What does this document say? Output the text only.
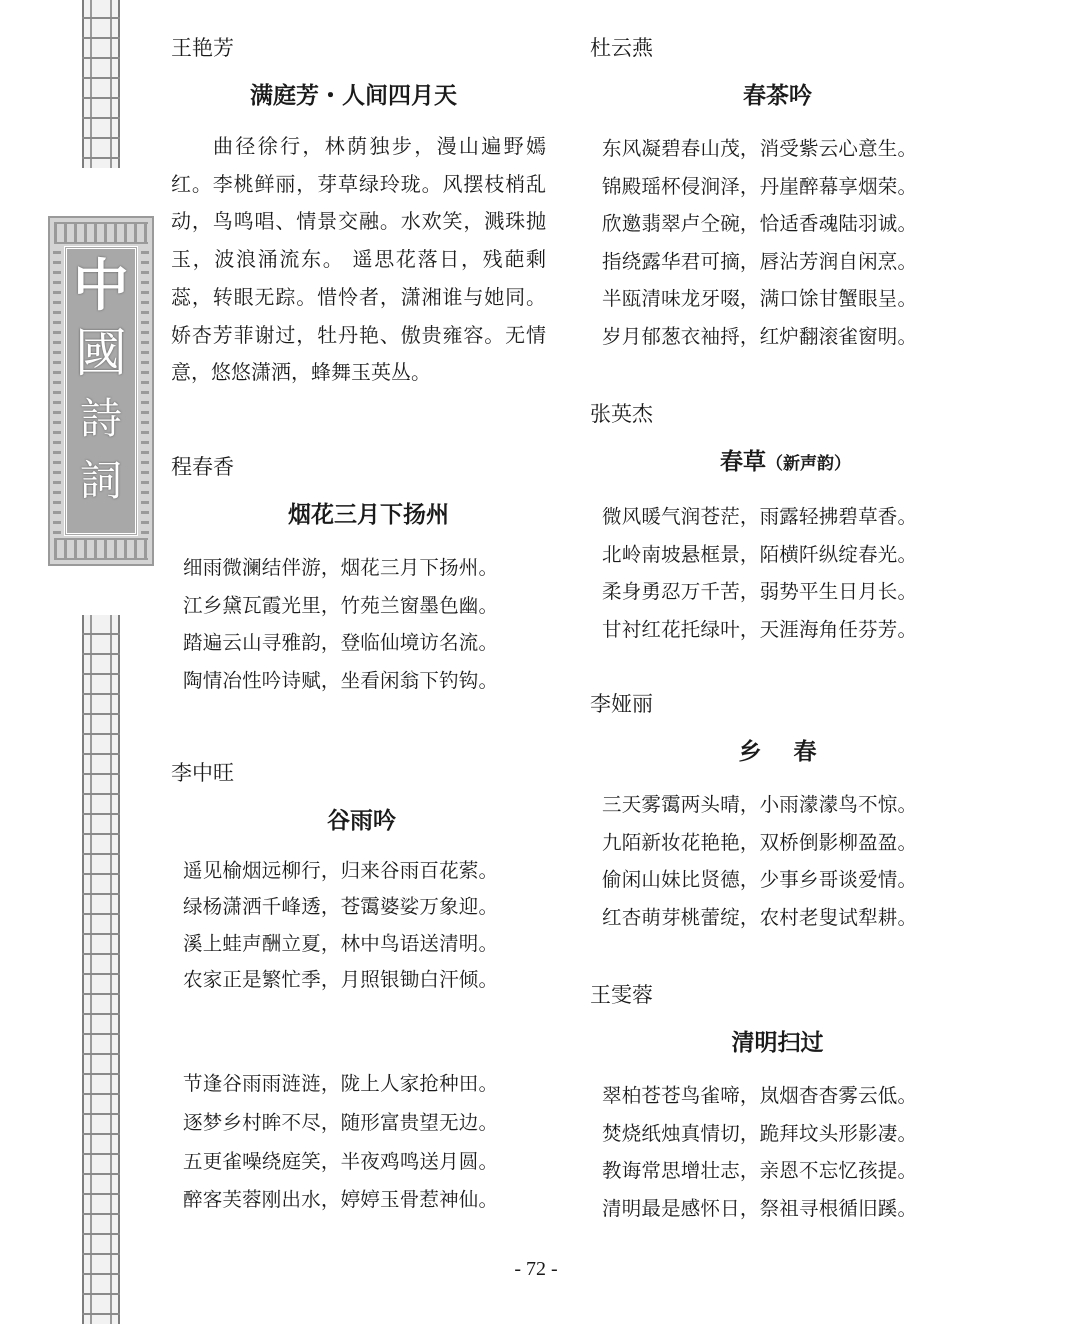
中
國
詩
詞
王艳芳
满庭芳・人间四月天

曲径徐行，林荫独步，漫山遍野嫣红。李桃鲜丽，芽草绿玲珑。风摆枝梢乱动，鸟鸣唱、情景交融。水欢笑，溅珠抛玉，波浪涌流东。 遥思花落日，残葩剩蕊，转眼无踪。惜怜者，潇湘谁与她同。娇杏芳菲谢过，牡丹艳、傲贵雍容。无情意，悠悠潇洒，蜂舞玉英丛。

程春香
烟花三月下扬州
细雨微澜结伴游，烟花三月下扬州。
江乡黛瓦霞光里，竹苑兰窗墨色幽。
踏遍云山寻雅韵，登临仙境访名流。
陶情冶性吟诗赋，坐看闲翁下钓钩。
李中旺
谷雨吟
遥见榆烟远柳行，归来谷雨百花萦。
绿杨潇洒千峰透，苍霭婆娑万象迎。
溪上蛙声酬立夏，林中鸟语送清明。
农家正是繁忙季，月照银锄白汗倾。
节逢谷雨雨涟涟，陇上人家抢种田。
逐梦乡村眸不尽，随形富贵望无边。
五更雀噪绕庭笑，半夜鸡鸣送月圆。
醉客芙蓉刚出水，婷婷玉骨惹神仙。
杜云燕
春茶吟
东风凝碧春山茂，消受紫云心意生。
锦殿瑶杯侵涧泽，丹崖醉幕享烟荣。
欣邀翡翠卢仝碗，恰适香魂陆羽诚。
指绕露华君可摘，唇沾芳润自闲烹。
半瓯清味龙牙啜，满口馀甘蟹眼呈。
岁月郁葱衣袖捋，红炉翻滚雀窗明。
张英杰
春草（新声韵）
微风暖气润苍茫，雨露轻拂碧草香。
北岭南坡悬框景，陌横阡纵绽春光。
柔身勇忍万千苦，弱势平生日月长。
甘衬红花托绿叶，天涯海角任芬芳。
李娅丽
乡    春
三天雾霭两头晴，小雨濛濛鸟不惊。
九陌新妆花艳艳，双桥倒影柳盈盈。
偷闲山妹比贤德，少事乡哥谈爱情。
红杏萌芽桃蕾绽，农村老叟试犁耕。
王雯蓉
清明扫过
翠柏苍苍鸟雀啼，岚烟杳杳雾云低。
焚烧纸烛真情切，跪拜坟头形影凄。
教诲常思增壮志，亲恩不忘忆孩提。
清明最是感怀日，祭祖寻根循旧蹊。
- 72 -
